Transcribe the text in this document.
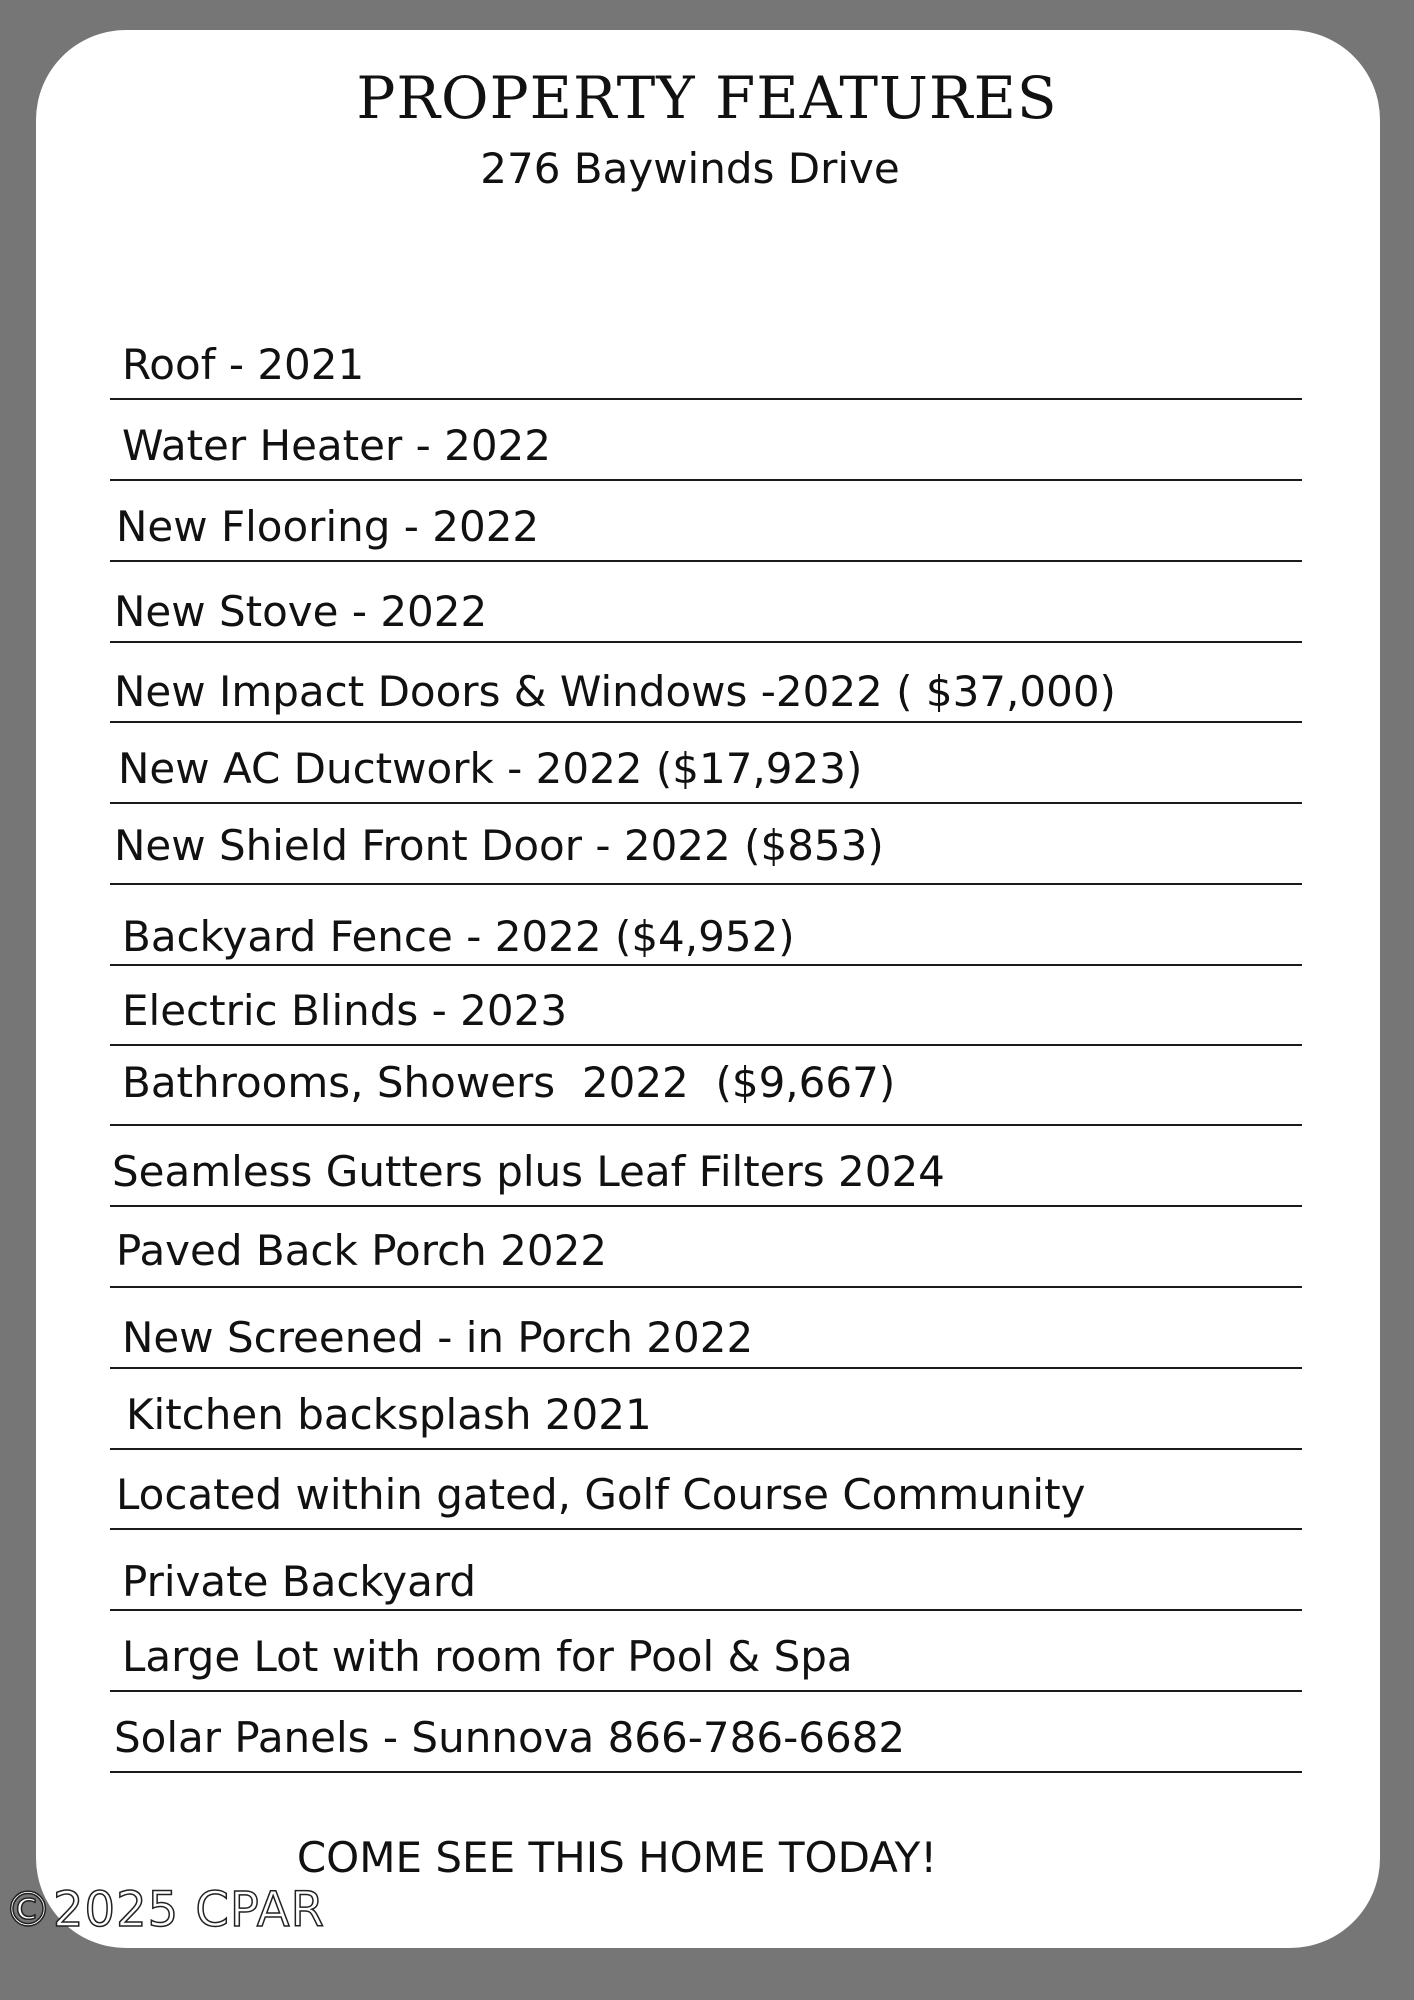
PROPERTY FEATURES
276 Baywinds Drive
Roof - 2021
Water Heater - 2022
New Flooring - 2022
New Stove - 2022
New Impact Doors & Windows -2022 ( $37,000)
New AC Ductwork - 2022 ($17,923)
New Shield Front Door - 2022 ($853)
Backyard Fence - 2022 ($4,952)
Electric Blinds - 2023
Bathrooms, Showers  2022  ($9,667)
Seamless Gutters plus Leaf Filters 2024
Paved Back Porch 2022
New Screened - in Porch 2022
Kitchen backsplash 2021
Located within gated, Golf Course Community
Private Backyard
Large Lot with room for Pool & Spa
Solar Panels - Sunnova 866-786-6682
COME SEE THIS HOME TODAY!
©2025 CPAR
